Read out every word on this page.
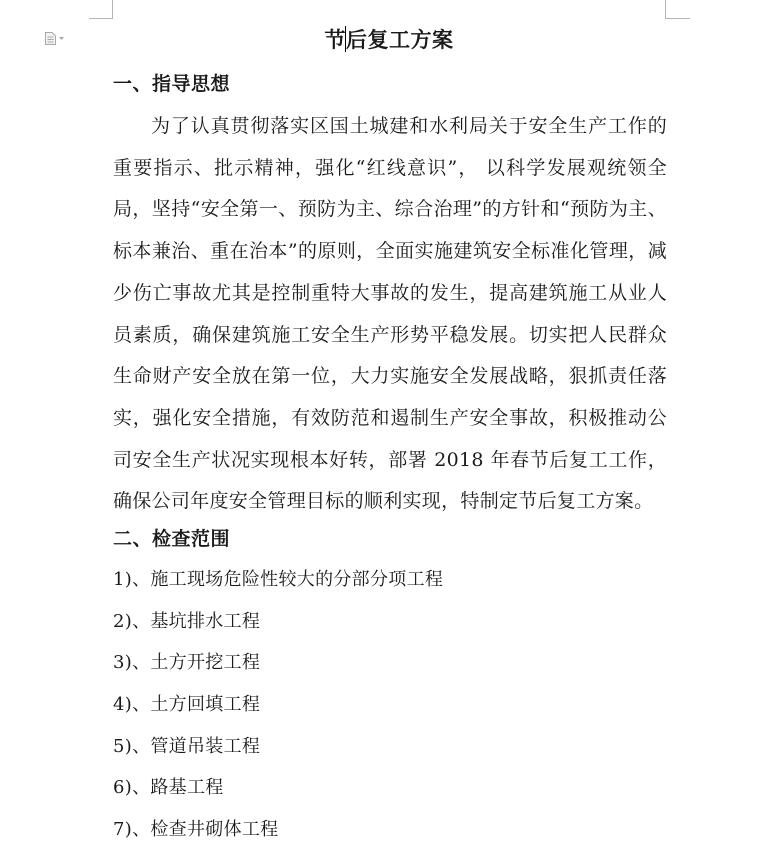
节后复工方案
一、指导思想
为了认真贯彻落实区国土城建和水利局关于安全生产工作的重要指示、批示精神，强化“红线意识”， 以科学发展观统领全局，坚持“安全第一、预防为主、综合治理”的方针和“预防为主、标本兼治、重在治本”的原则，全面实施建筑安全标准化管理，减少伤亡事故尤其是控制重特大事故的发生，提高建筑施工从业人员素质，确保建筑施工安全生产形势平稳发展。切实把人民群众生命财产安全放在第一位，大力实施安全发展战略，狠抓责任落实，强化安全措施，有效防范和遏制生产安全事故，积极推动公司安全生产状况实现根本好转，部署 2018 年春节后复工工作，确保公司年度安全管理目标的顺利实现，特制定节后复工方案。
二、检查范围
1)、施工现场危险性较大的分部分项工程
2)、基坑排水工程
3)、土方开挖工程
4)、土方回填工程
5)、管道吊装工程
6)、路基工程
7)、检查井砌体工程
